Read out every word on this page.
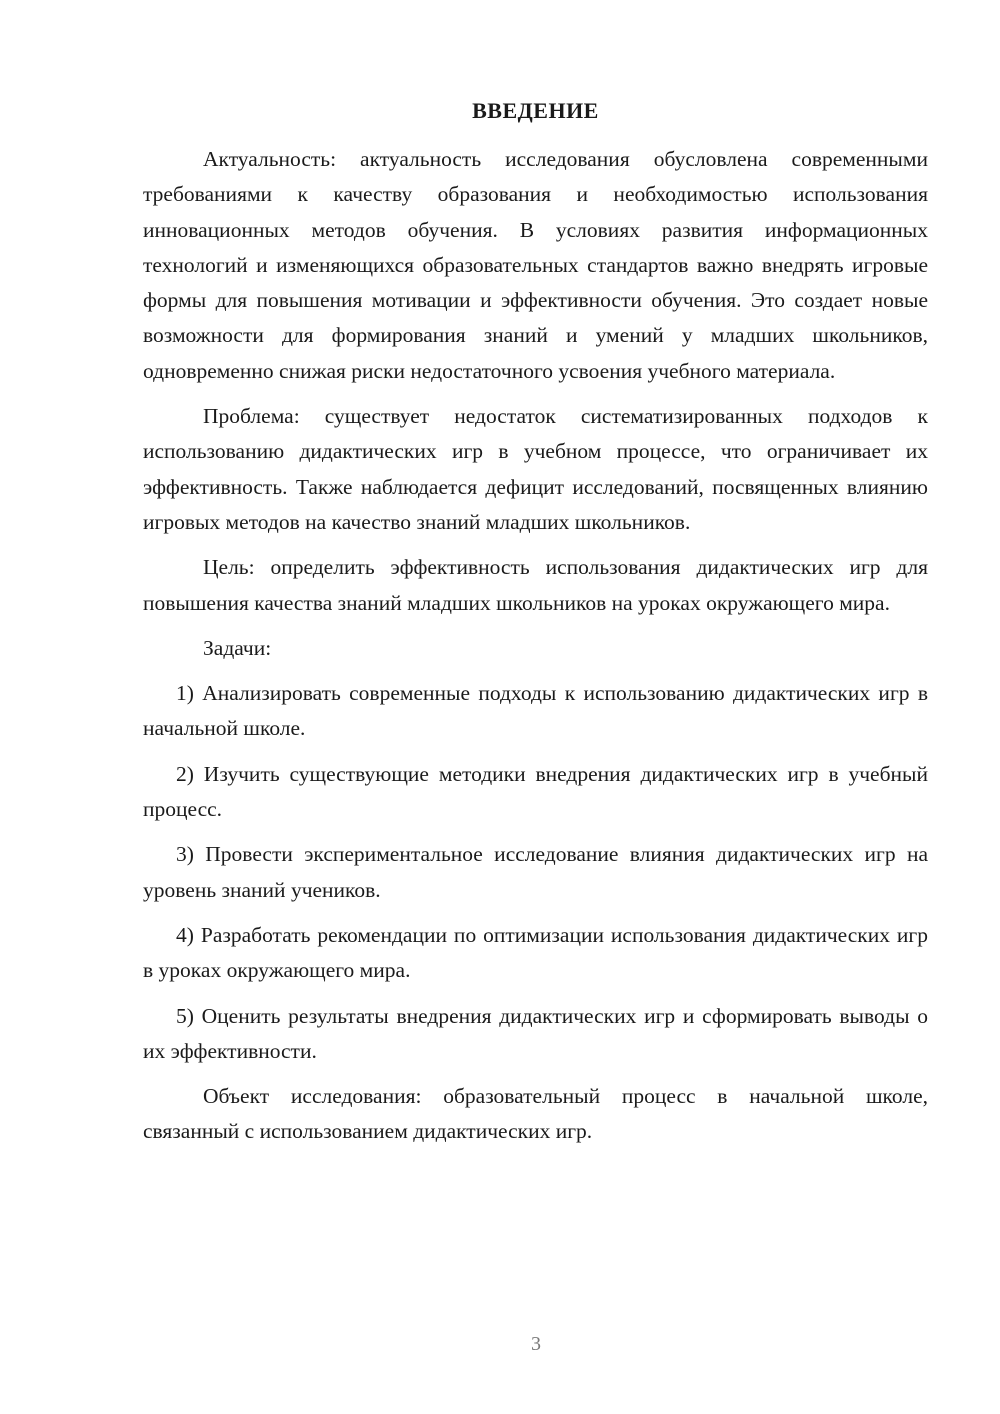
ВВЕДЕНИЕ

Актуальность: актуальность исследования обусловлена современными требованиями к качеству образования и необходимостью использования инновационных методов обучения. В условиях развития информационных технологий и изменяющихся образовательных стандартов важно внедрять игровые формы для повышения мотивации и эффективности обучения. Это создает новые возможности для формирования знаний и умений у младших школьников, одновременно снижая риски недостаточного усвоения учебного материала.

Проблема: существует недостаток систематизированных подходов к использованию дидактических игр в учебном процессе, что ограничивает их эффективность. Также наблюдается дефицит исследований, посвященных влиянию игровых методов на качество знаний младших школьников.

Цель: определить эффективность использования дидактических игр для повышения качества знаний младших школьников на уроках окружающего мира.

Задачи:

1) Анализировать современные подходы к использованию дидактических игр в начальной школе.

2) Изучить существующие методики внедрения дидактических игр в учебный процесс.

3) Провести экспериментальное исследование влияния дидактических игр на уровень знаний учеников.

4) Разработать рекомендации по оптимизации использования дидактических игр в уроках окружающего мира.

5) Оценить результаты внедрения дидактических игр и сформировать выводы о их эффективности.

Объект исследования: образовательный процесс в начальной школе, связанный с использованием дидактических игр.

3
